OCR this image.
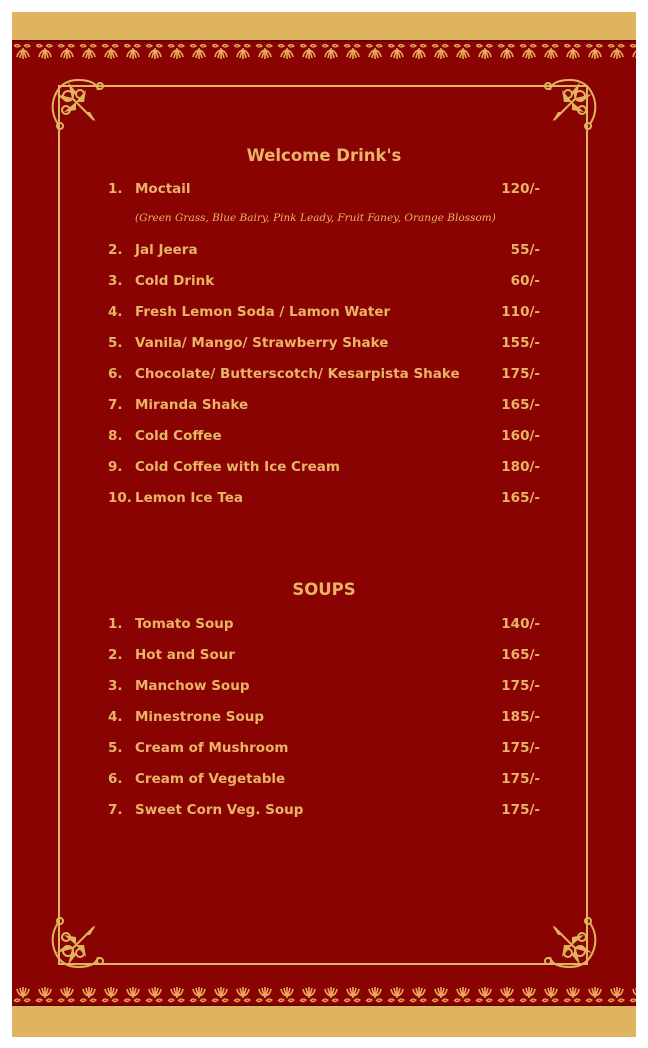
Welcome Drink's
1. Moctail	120/-
(Green Grass, Blue Bairy, Pink Leady, Fruit Faney, Orange Blossom)
2. Jal Jeera	55/-
3. Cold Drink	60/-
4. Fresh Lemon Soda / Lamon Water	110/-
5. Vanila/ Mango/ Strawberry Shake	155/-
6. Chocolate/ Butterscotch/ Kesarpista Shake	175/-
7. Miranda Shake	165/-
8. Cold Coffee	160/-
9. Cold Coffee with Ice Cream	180/-
10. Lemon Ice Tea	165/-
SOUPS
1. Tomato Soup	140/-
2. Hot and Sour	165/-
3. Manchow Soup	175/-
4. Minestrone Soup	185/-
5. Cream of Mushroom	175/-
6. Cream of Vegetable	175/-
7. Sweet Corn Veg. Soup	175/-
